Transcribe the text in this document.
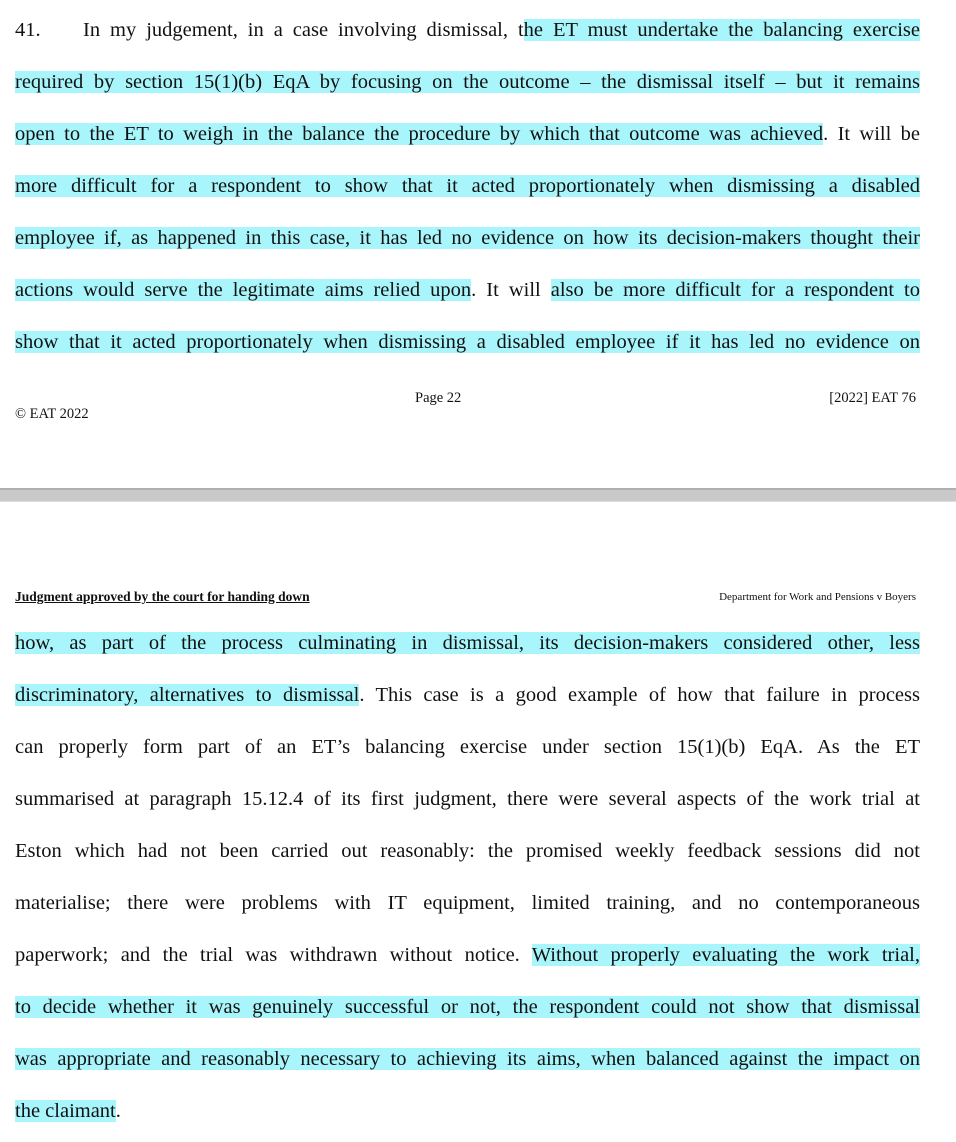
41. In my judgement, in a case involving dismissal, the ET must undertake the balancing exercise
required by section 15(1)(b) EqA by focusing on the outcome – the dismissal itself – but it remains
open to the ET to weigh in the balance the procedure by which that outcome was achieved. It will be
more difficult for a respondent to show that it acted proportionately when dismissing a disabled
employee if, as happened in this case, it has led no evidence on how its decision-makers thought their
actions would serve the legitimate aims relied upon. It will also be more difficult for a respondent to
show that it acted proportionately when dismissing a disabled employee if it has led no evidence on
Page 22	[2022] EAT 76
© EAT 2022
Judgment approved by the court for handing down	Department for Work and Pensions v Boyers
how, as part of the process culminating in dismissal, its decision-makers considered other, less
discriminatory, alternatives to dismissal. This case is a good example of how that failure in process
can properly form part of an ET’s balancing exercise under section 15(1)(b) EqA. As the ET
summarised at paragraph 15.12.4 of its first judgment, there were several aspects of the work trial at
Eston which had not been carried out reasonably: the promised weekly feedback sessions did not
materialise; there were problems with IT equipment, limited training, and no contemporaneous
paperwork; and the trial was withdrawn without notice. Without properly evaluating the work trial,
to decide whether it was genuinely successful or not, the respondent could not show that dismissal
was appropriate and reasonably necessary to achieving its aims, when balanced against the impact on
the claimant.
